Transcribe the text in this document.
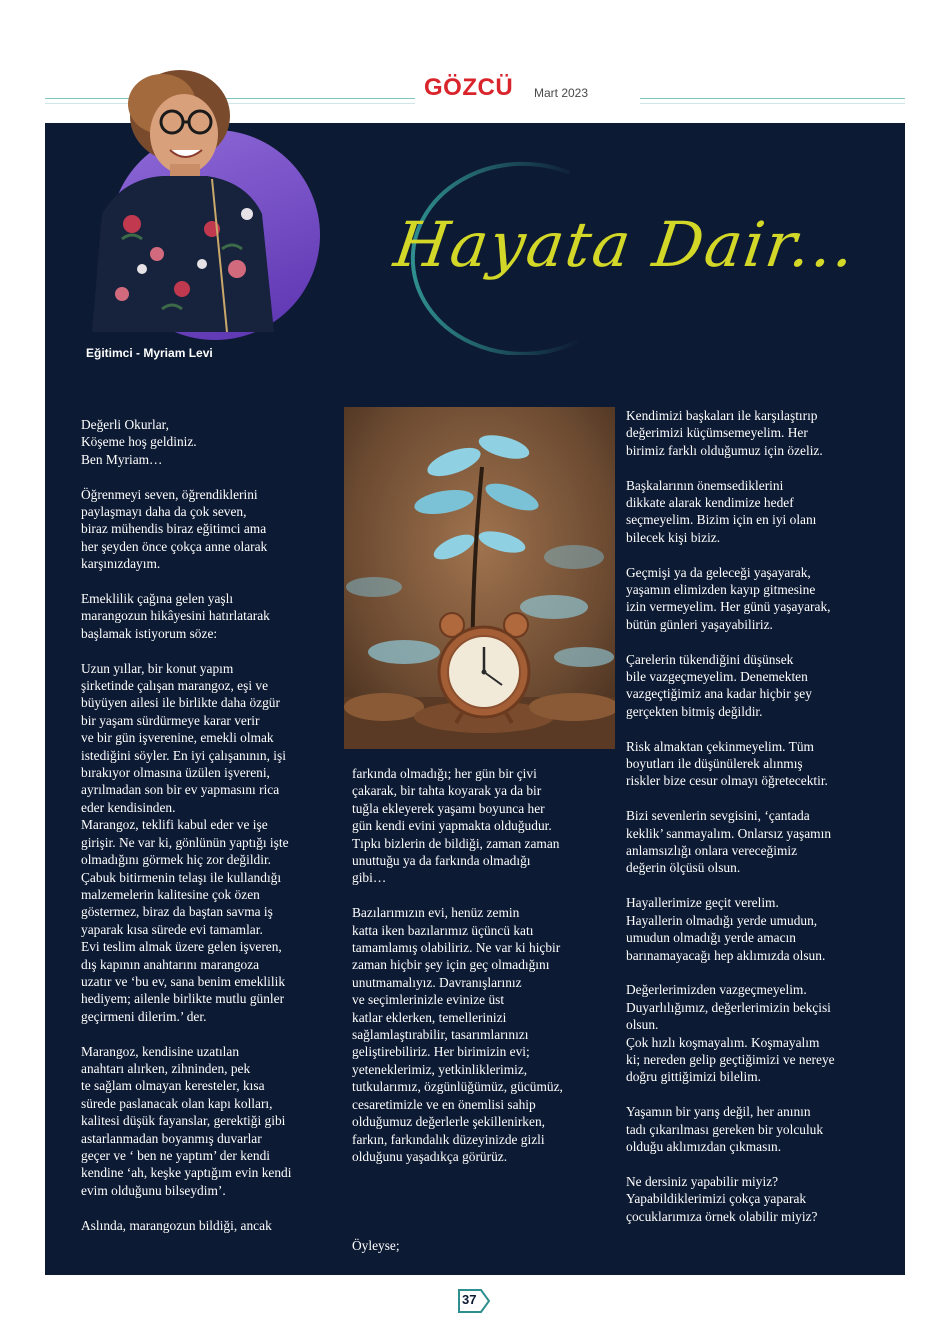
GÖZCÜ Mart 2023
Eğitimci - Myriam Levi
Hayata Dair...

Değerli Okurlar,
Köşeme hoş geldiniz.
Ben Myriam…

Öğrenmeyi seven, öğrendiklerini
paylaşmayı daha da çok seven,
biraz mühendis biraz eğitimci ama
her şeyden önce çokça anne olarak
karşınızdayım.

Emeklilik çağına gelen yaşlı
marangozun hikâyesini hatırlatarak
başlamak istiyorum söze:

Uzun yıllar, bir konut yapım
şirketinde çalışan marangoz, eşi ve
büyüyen ailesi ile birlikte daha özgür
bir yaşam sürdürmeye karar verir
ve bir gün işverenine, emekli olmak
istediğini söyler. En iyi çalışanının, işi
bırakıyor olmasına üzülen işvereni,
ayrılmadan son bir ev yapmasını rica
eder kendisinden.
Marangoz, teklifi kabul eder ve işe
girişir. Ne var ki, gönlünün yaptığı işte
olmadığını görmek hiç zor değildir.
Çabuk bitirmenin telaşı ile kullandığı
malzemelerin kalitesine çok özen
göstermez, biraz da baştan savma iş
yaparak kısa sürede evi tamamlar.
Evi teslim almak üzere gelen işveren,
dış kapının anahtarını marangoza
uzatır ve ‘bu ev, sana benim emeklilik
hediyem; ailenle birlikte mutlu günler
geçirmeni dilerim.’ der.

Marangoz, kendisine uzatılan
anahtarı alırken, zihninden, pek
te sağlam olmayan keresteler, kısa
sürede paslanacak olan kapı kolları,
kalitesi düşük fayanslar, gerektiği gibi
astarlanmadan boyanmış duvarlar
geçer ve ‘ ben ne yaptım’ der kendi
kendine ‘ah, keşke yaptığım evin kendi
evim olduğunu bilseydim’.

Aslında, marangozun bildiği, ancak

farkında olmadığı; her gün bir çivi
çakarak, bir tahta koyarak ya da bir
tuğla ekleyerek yaşamı boyunca her
gün kendi evini yapmakta olduğudur.
Tıpkı bizlerin de bildiği, zaman zaman
unuttuğu ya da farkında olmadığı
gibi…

Bazılarımızın evi, henüz zemin
katta iken bazılarımız üçüncü katı
tamamlamış olabiliriz. Ne var ki hiçbir
zaman hiçbir şey için geç olmadığını
unutmamalıyız. Davranışlarınız
ve seçimlerinizle evinize üst
katlar eklerken, temellerinizi
sağlamlaştırabilir, tasarımlarınızı
geliştirebiliriz. Her birimizin evi;
yeteneklerimiz, yetkinliklerimiz,
tutkularımız, özgünlüğümüz, gücümüz,
cesaretimizle ve en önemlisi sahip
olduğumuz değerlerle şekillenirken,
farkın, farkındalık düzeyinizde gizli
olduğunu yaşadıkça görürüz.

Öyleyse;

Kendimizi başkaları ile karşılaştırıp
değerimizi küçümsemeyelim. Her
birimiz farklı olduğumuz için özeliz.

Başkalarının önemsediklerini
dikkate alarak kendimize hedef
seçmeyelim. Bizim için en iyi olanı
bilecek kişi biziz.

Geçmişi ya da geleceği yaşayarak,
yaşamın elimizden kayıp gitmesine
izin vermeyelim. Her günü yaşayarak,
bütün günleri yaşayabiliriz.

Çarelerin tükendiğini düşünsek
bile vazgeçmeyelim. Denemekten
vazgeçtiğimiz ana kadar hiçbir şey
gerçekten bitmiş değildir.

Risk almaktan çekinmeyelim. Tüm
boyutları ile düşünülerek alınmış
riskler bize cesur olmayı öğretecektir.

Bizi sevenlerin sevgisini, ‘çantada
keklik’ sanmayalım. Onlarsız yaşamın
anlamsızlığı onlara vereceğimiz
değerin ölçüsü olsun.

Hayallerimize geçit verelim.
Hayallerin olmadığı yerde umudun,
umudun olmadığı yerde amacın
barınamayacağı hep aklımızda olsun.

Değerlerimizden vazgeçmeyelim.
Duyarlılığımız, değerlerimizin bekçisi
olsun.
Çok hızlı koşmayalım. Koşmayalım
ki; nereden gelip geçtiğimizi ve nereye
doğru gittiğimizi bilelim.

Yaşamın bir yarış değil, her anının
tadı çıkarılması gereken bir yolculuk
olduğu aklımızdan çıkmasın.

Ne dersiniz yapabilir miyiz?
Yapabildiklerimizi çokça yaparak
çocuklarımıza örnek olabilir miyiz?

37
